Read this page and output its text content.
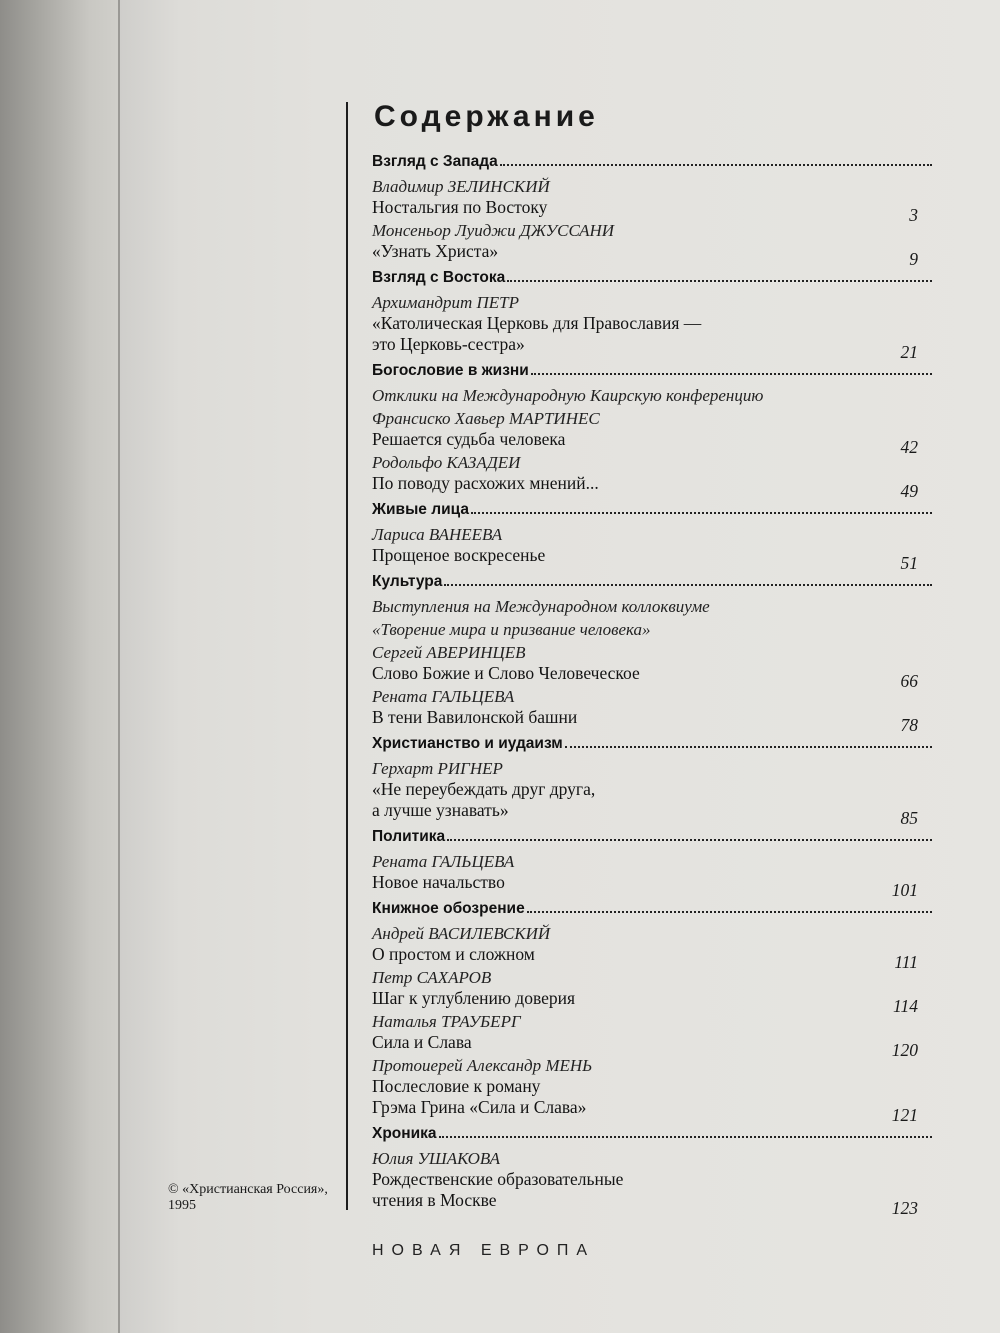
Содержание
Взгляд с Запада
Владимир ЗЕЛИНСКИЙ
Ностальгия по Востоку	3
Монсеньор Луиджи ДЖУССАНИ
«Узнать Христа»	9
Взгляд с Востока
Архимандрит ПЕТР
«Католическая Церковь для Православия —
это Церковь-сестра»	21
Богословие в жизни
Отклики на Международную Каирскую конференцию
Франсиско Хавьер МАРТИНЕС
Решается судьба человека	42
Родольфо КАЗАДЕИ
По поводу расхожих мнений...	49
Живые лица
Лариса ВАНЕЕВА
Прощеное воскресенье	51
Культура
Выступления на Международном коллоквиуме
«Творение мира и призвание человека»
Сергей АВЕРИНЦЕВ
Слово Божие и Слово Человеческое	66
Рената ГАЛЬЦЕВА
В тени Вавилонской башни	78
Христианство и иудаизм
Герхарт РИГНЕР
«Не переубеждать друг друга,
а лучше узнавать»	85
Политика
Рената ГАЛЬЦЕВА
Новое начальство	101
Книжное обозрение
Андрей ВАСИЛЕВСКИЙ
О простом и сложном	111
Петр САХАРОВ
Шаг к углублению доверия	114
Наталья ТРАУБЕРГ
Сила и Слава	120
Протоиерей Александр МЕНЬ
Послесловие к роману
Грэма Грина «Сила и Слава»	121
Хроника
Юлия УШАКОВА
Рождественские образовательные
чтения в Москве	123
© «Христианская Россия»,
1995
НОВАЯ ЕВРОПА
